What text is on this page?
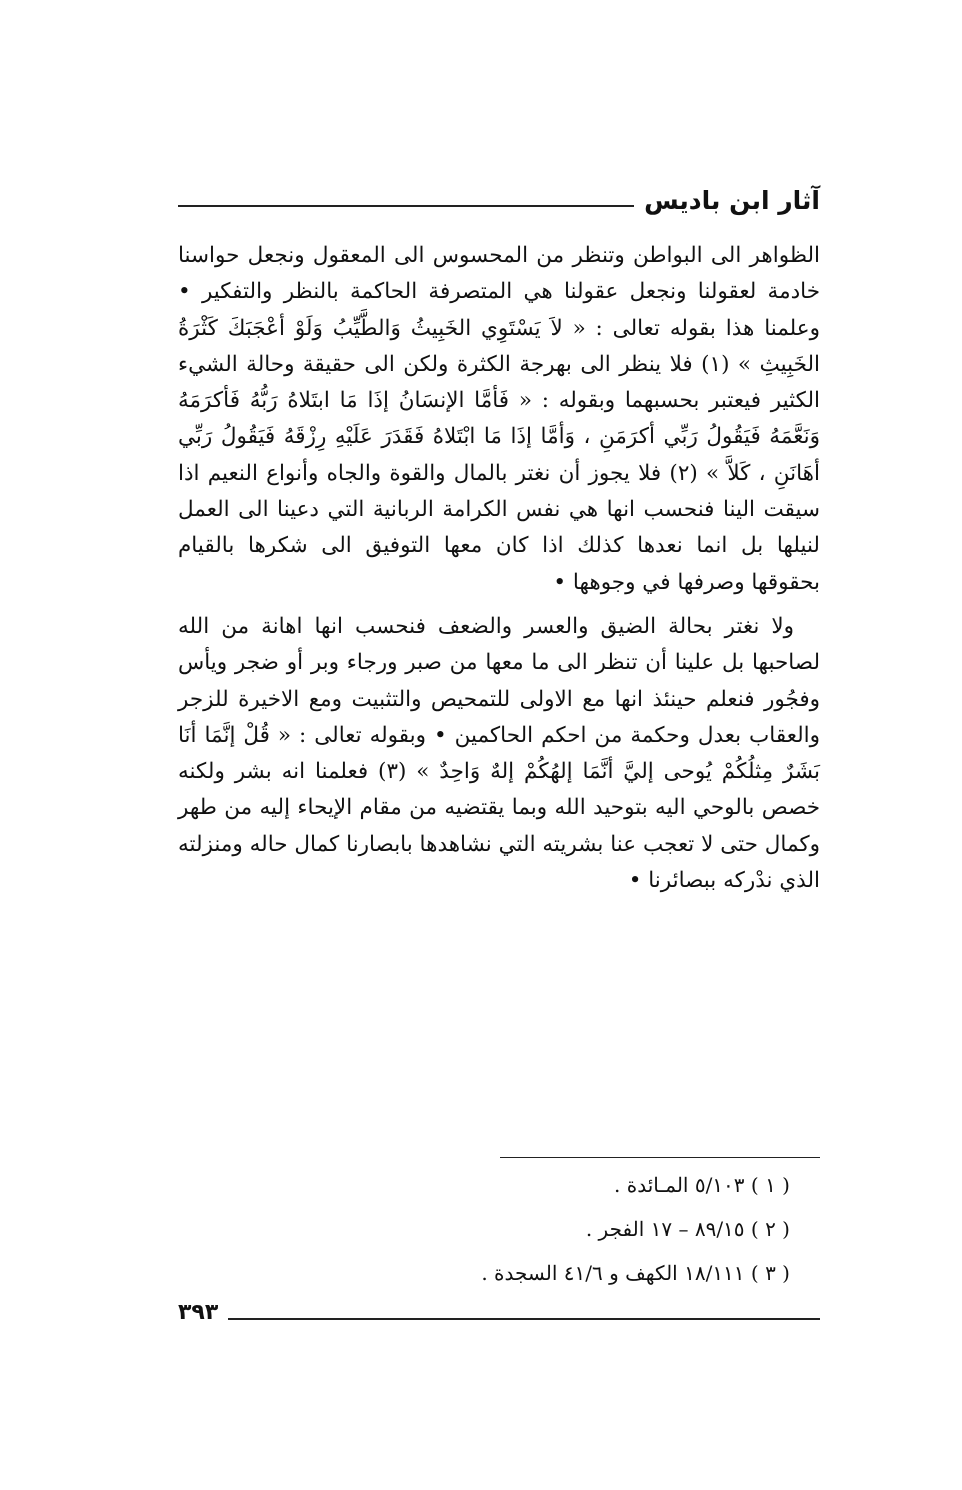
آثار ابن باديس

الظواهر الى البواطن وتنظر من المحسوس الى المعقول ونجعل حواسنا خادمة لعقولنا ونجعل عقولنا هي المتصرفة الحاكمة بالنظر والتفكير • وعلمنا هذا بقوله تعالى : « لاَ يَسْتَوِي الخَبِيثُ وَالطَّيِّبُ وَلَوْ أعْجَبَكَ كَثْرَةُ الخَبِيثِ » (١) فلا ينظر الى بهرجة الكثرة ولكن الى حقيقة وحالة الشيء الكثير فيعتبر بحسبهما وبقوله : « فَأمَّا الإنسَانُ إذَا مَا ابتَلاهُ رَبُّهُ فَأكرَمَهُ وَنَعَّمَهُ فَيَقُولُ رَبِّي أكرَمَنِ ، وَأمَّا إذَا مَا ابْتَلاهُ فَقَدَرَ عَلَيْهِ رِزْقَهُ فَيَقُولُ رَبِّي أهَانَنِ ، كَلاَّ » (٢) فلا يجوز أن نغتر بالمال والقوة والجاه وأنواع النعيم اذا سيقت الينا فنحسب انها هي نفس الكرامة الربانية التي دعينا الى العمل لنيلها بل انما نعدها كذلك اذا كان معها التوفيق الى شكرها بالقيام بحقوقها وصرفها في وجوهها •

ولا نغتر بحالة الضيق والعسر والضعف فنحسب انها اهانة من الله لصاحبها بل علينا أن تنظر الى ما معها من صبر ورجاء وبر أو ضجر ويأس وفجُور فنعلم حينئذ انها مع الاولى للتمحيص والتثبيت ومع الاخيرة للزجر والعقاب بعدل وحكمة من احكم الحاكمين • وبقوله تعالى : « قُلْ إنَّمَا أنَا بَشَرٌ مِثلُكُمْ يُوحى إليَّ أنَّمَا إلهُكُمْ إلهٌ وَاحِدٌ » (٣) فعلمنا انه بشر ولكنه خصص بالوحي اليه بتوحيد الله وبما يقتضيه من مقام الإيحاء إليه من طهر وكمال حتى لا تعجب عنا بشريته التي نشاهدها بابصارنا كمال حاله ومنزلته الذي ندْركه ببصائرنا •

( ١ ) ٥/١٠٣ المـائدة .
( ٢ ) ٨٩/١٥ – ١٧ الفجر .
( ٣ ) ١٨/١١١ الكهف و ٤١/٦ السجدة .
٣٩٣
